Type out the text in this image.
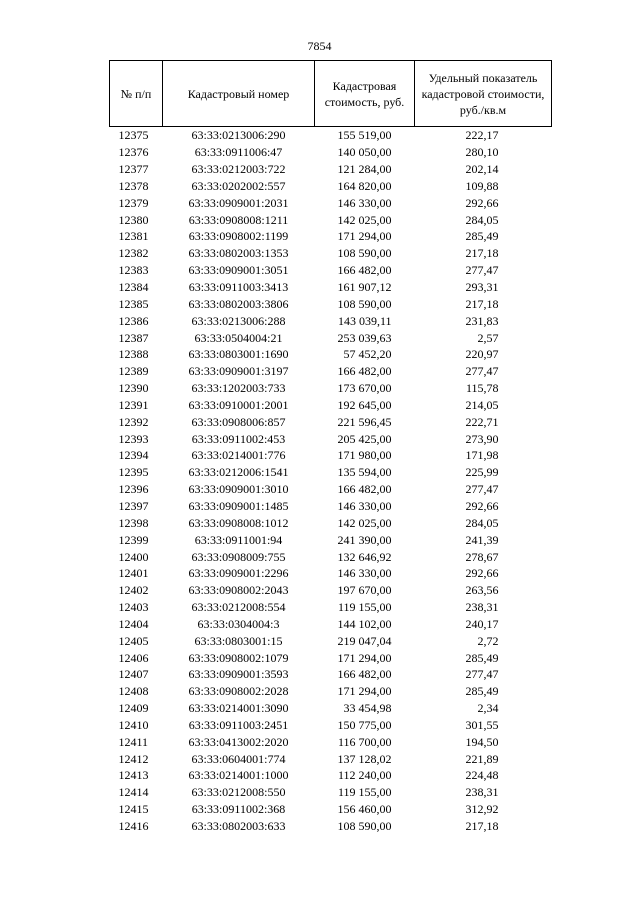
7854
№ п/п	Кадастровый номер	Кадастровая стоимость, руб.	Удельный показатель кадастровой стоимости, руб./кв.м
12375	63:33:0213006:290	155 519,00	222,17
12376	63:33:0911006:47	140 050,00	280,10
12377	63:33:0212003:722	121 284,00	202,14
12378	63:33:0202002:557	164 820,00	109,88
12379	63:33:0909001:2031	146 330,00	292,66
12380	63:33:0908008:1211	142 025,00	284,05
12381	63:33:0908002:1199	171 294,00	285,49
12382	63:33:0802003:1353	108 590,00	217,18
12383	63:33:0909001:3051	166 482,00	277,47
12384	63:33:0911003:3413	161 907,12	293,31
12385	63:33:0802003:3806	108 590,00	217,18
12386	63:33:0213006:288	143 039,11	231,83
12387	63:33:0504004:21	253 039,63	2,57
12388	63:33:0803001:1690	57 452,20	220,97
12389	63:33:0909001:3197	166 482,00	277,47
12390	63:33:1202003:733	173 670,00	115,78
12391	63:33:0910001:2001	192 645,00	214,05
12392	63:33:0908006:857	221 596,45	222,71
12393	63:33:0911002:453	205 425,00	273,90
12394	63:33:0214001:776	171 980,00	171,98
12395	63:33:0212006:1541	135 594,00	225,99
12396	63:33:0909001:3010	166 482,00	277,47
12397	63:33:0909001:1485	146 330,00	292,66
12398	63:33:0908008:1012	142 025,00	284,05
12399	63:33:0911001:94	241 390,00	241,39
12400	63:33:0908009:755	132 646,92	278,67
12401	63:33:0909001:2296	146 330,00	292,66
12402	63:33:0908002:2043	197 670,00	263,56
12403	63:33:0212008:554	119 155,00	238,31
12404	63:33:0304004:3	144 102,00	240,17
12405	63:33:0803001:15	219 047,04	2,72
12406	63:33:0908002:1079	171 294,00	285,49
12407	63:33:0909001:3593	166 482,00	277,47
12408	63:33:0908002:2028	171 294,00	285,49
12409	63:33:0214001:3090	33 454,98	2,34
12410	63:33:0911003:2451	150 775,00	301,55
12411	63:33:0413002:2020	116 700,00	194,50
12412	63:33:0604001:774	137 128,02	221,89
12413	63:33:0214001:1000	112 240,00	224,48
12414	63:33:0212008:550	119 155,00	238,31
12415	63:33:0911002:368	156 460,00	312,92
12416	63:33:0802003:633	108 590,00	217,18
